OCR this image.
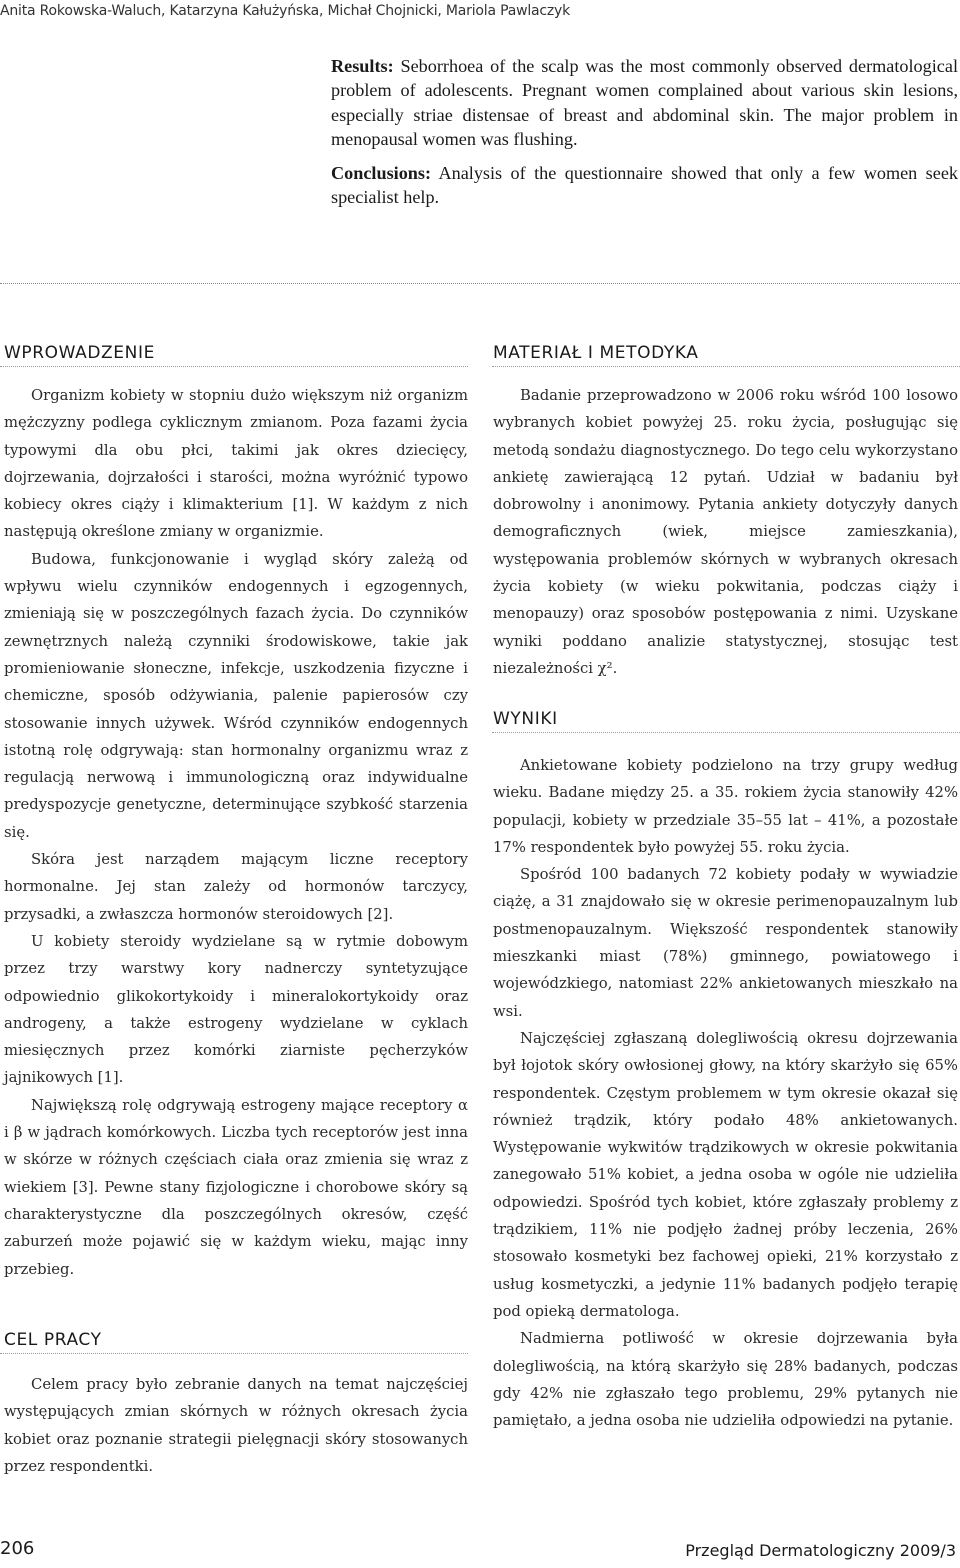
Anita Rokowska-Waluch, Katarzyna Kałużyńska, Michał Chojnicki, Mariola Pawlaczyk

Results: Seborrhoea of the scalp was the most commonly observed dermatological problem of adolescents. Pregnant women complained about various skin lesions, especially striae distensae of breast and abdominal skin. The major problem in menopausal women was flushing.

Conclusions: Analysis of the questionnaire showed that only a few women seek specialist help.

WPROWADZENIE

Organizm kobiety w stopniu dużo większym niż organizm mężczyzny podlega cyklicznym zmianom. Poza fazami życia typowymi dla obu płci, takimi jak okres dziecięcy, dojrzewania, dojrzałości i starości, można wyróżnić typowo kobiecy okres ciąży i klimakterium [1]. W każdym z nich następują określone zmiany w organizmie.

Budowa, funkcjonowanie i wygląd skóry zależą od wpływu wielu czynników endogennych i egzogennych, zmieniają się w poszczególnych fazach życia. Do czynników zewnętrznych należą czynniki środowiskowe, takie jak promieniowanie słoneczne, infekcje, uszkodzenia fizyczne i chemiczne, sposób odżywiania, palenie papierosów czy stosowanie innych używek. Wśród czynników endogennych istotną rolę odgrywają: stan hormonalny organizmu wraz z regulacją nerwową i immunologiczną oraz indywidualne predyspozycje genetyczne, determinujące szybkość starzenia się.

Skóra jest narządem mającym liczne receptory hormonalne. Jej stan zależy od hormonów tarczycy, przysadki, a zwłaszcza hormonów steroidowych [2].

U kobiety steroidy wydzielane są w rytmie dobowym przez trzy warstwy kory nadnerczy syntetyzujące odpowiednio glikokortykoidy i mineralokortykoidy oraz androgeny, a także estrogeny wydzielane w cyklach miesięcznych przez komórki ziarniste pęcherzyków jajnikowych [1].

Największą rolę odgrywają estrogeny mające receptory α i β w jądrach komórkowych. Liczba tych receptorów jest inna w skórze w różnych częściach ciała oraz zmienia się wraz z wiekiem [3]. Pewne stany fizjologiczne i chorobowe skóry są charakterystyczne dla poszczególnych okresów, część zaburzeń może pojawić się w każdym wieku, mając inny przebieg.

CEL PRACY

Celem pracy było zebranie danych na temat najczęściej występujących zmian skórnych w różnych okresach życia kobiet oraz poznanie strategii pielęgnacji skóry stosowanych przez respondentki.

MATERIAŁ I METODYKA

Badanie przeprowadzono w 2006 roku wśród 100 losowo wybranych kobiet powyżej 25. roku życia, posługując się metodą sondażu diagnostycznego. Do tego celu wykorzystano ankietę zawierającą 12 pytań. Udział w badaniu był dobrowolny i anonimowy. Pytania ankiety dotyczyły danych demograficznych (wiek, miejsce zamieszkania), występowania problemów skórnych w wybranych okresach życia kobiety (w wieku pokwitania, podczas ciąży i menopauzy) oraz sposobów postępowania z nimi. Uzyskane wyniki poddano analizie statystycznej, stosując test niezależności χ².

WYNIKI

Ankietowane kobiety podzielono na trzy grupy według wieku. Badane między 25. a 35. rokiem życia stanowiły 42% populacji, kobiety w przedziale 35–55 lat – 41%, a pozostałe 17% respondentek było powyżej 55. roku życia.

Spośród 100 badanych 72 kobiety podały w wywiadzie ciążę, a 31 znajdowało się w okresie perimenopauzalnym lub postmenopauzalnym. Większość respondentek stanowiły mieszkanki miast (78%) gminnego, powiatowego i wojewódzkiego, natomiast 22% ankietowanych mieszkało na wsi.

Najczęściej zgłaszaną dolegliwością okresu dojrzewania był łojotok skóry owłosionej głowy, na który skarżyło się 65% respondentek. Częstym problemem w tym okresie okazał się również trądzik, który podało 48% ankietowanych. Występowanie wykwitów trądzikowych w okresie pokwitania zanegowało 51% kobiet, a jedna osoba w ogóle nie udzieliła odpowiedzi. Spośród tych kobiet, które zgłaszały problemy z trądzikiem, 11% nie podjęło żadnej próby leczenia, 26% stosowało kosmetyki bez fachowej opieki, 21% korzystało z usług kosmetyczki, a jedynie 11% badanych podjęło terapię pod opieką dermatologa.

Nadmierna potliwość w okresie dojrzewania była dolegliwością, na którą skarżyło się 28% badanych, podczas gdy 42% nie zgłaszało tego problemu, 29% pytanych nie pamiętało, a jedna osoba nie udzieliła odpowiedzi na pytanie.

206	Przegląd Dermatologiczny 2009/3
